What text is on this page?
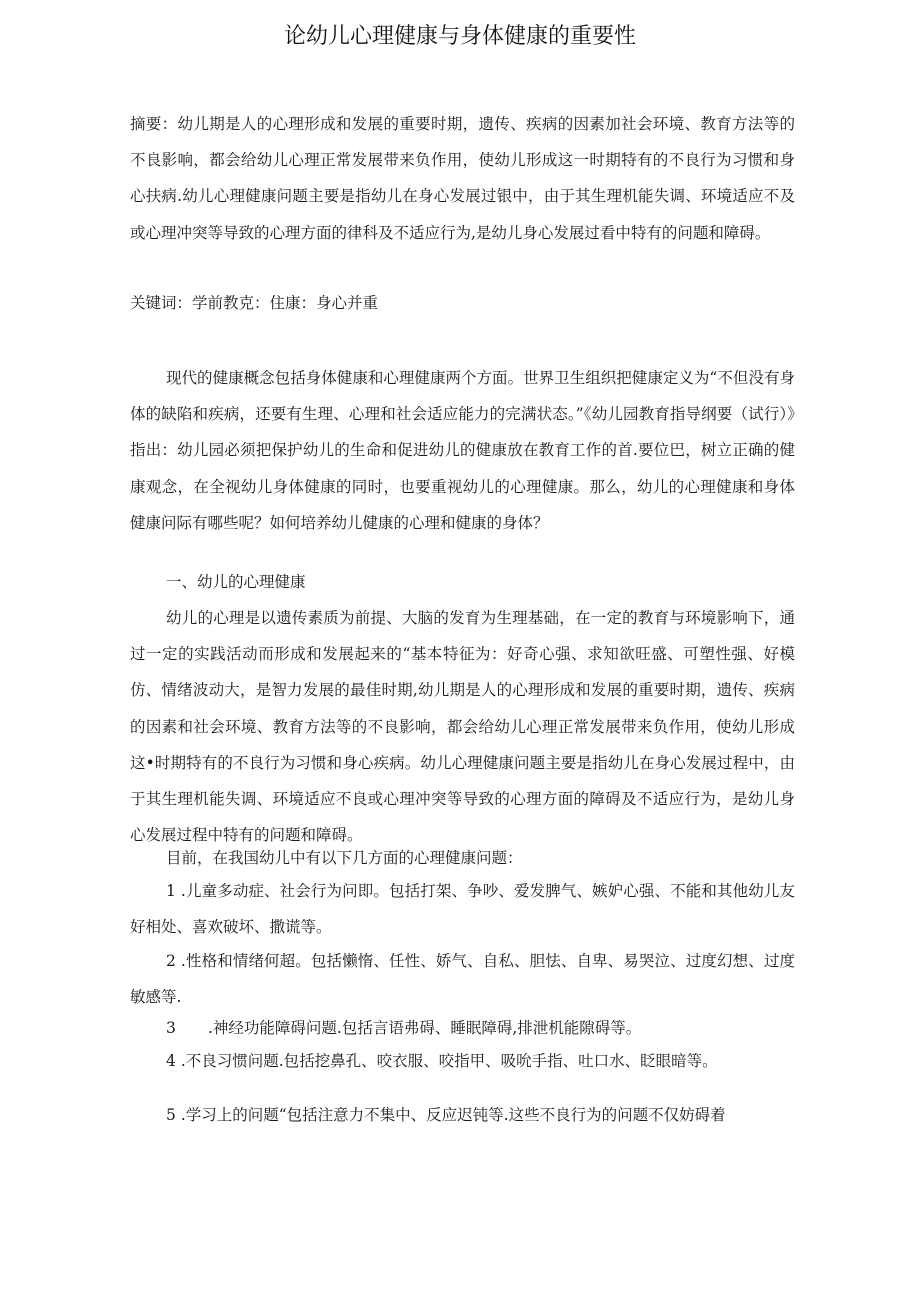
论幼儿心理健康与身体健康的重要性

摘要：幼儿期是人的心理形成和发展的重要时期，遗传、疾病的因素加社会环境、教育方法等的不良影响，都会给幼儿心理正常发展带来负作用，使幼儿形成这一时期特有的不良行为习惯和身心扶病.幼儿心理健康问题主要是指幼儿在身心发展过银中，由于其生理机能失调、环境适应不及或心理冲突等导致的心理方面的律科及不适应行为,是幼儿身心发展过看中特有的问题和障碍。

关键词：学前教克：住康：身心并重

现代的健康概念包括身体健康和心理健康两个方面。世界卫生组织把健康定义为“不但没有身体的缺陷和疾病，还要有生理、心理和社会适应能力的完满状态。”《幼儿园教育指导纲要（试行）》指出：幼儿园必须把保护幼儿的生命和促进幼儿的健康放在教育工作的首.要位巴，树立正确的健康观念，在全视幼儿身体健康的同时，也要重视幼儿的心理健康。那么，幼儿的心理健康和身体健康问际有哪些呢？如何培养幼儿健康的心理和健康的身体？

一、幼儿的心理健康

幼儿的心理是以遗传素质为前提、大脑的发育为生理基础，在一定的教育与环境影响下，通过一定的实践活动而形成和发展起来的“基本特征为：好奇心强、求知欲旺盛、可塑性强、好模仿、情绪波动大，是智力发展的最佳时期,幼儿期是人的心理形成和发展的重要时期，遗传、疾病的因素和社会环境、教育方法等的不良影响，都会给幼儿心理正常发展带来负作用，使幼儿形成这•时期特有的不良行为习惯和身心疾病。幼儿心理健康问题主要是指幼儿在身心发展过程中，由于其生理机能失调、环境适应不良或心理冲突等导致的心理方面的障碍及不适应行为，是幼儿身心发展过程中特有的问题和障碍。

目前，在我国幼儿中有以下几方面的心理健康问题：

1 .儿童多动症、社会行为问即。包括打架、争吵、爱发脾气、嫉妒心强、不能和其他幼儿友好相处、喜欢破坏、撒谎等。

2 .性格和情绪何超。包括懒惰、任性、娇气、自私、胆怯、自卑、易哭泣、过度幻想、过度敏感等.

3 .神经功能障碍问题.包括言语弗碍、睡眠障碍,排泄机能隙碍等。

4 .不良习惯问题.包括挖鼻孔、咬衣服、咬指甲、吸吮手指、吐口水、眨眼暗等。

5 .学习上的问题“包括注意力不集中、反应迟钝等.这些不良行为的问题不仅妨碍着
